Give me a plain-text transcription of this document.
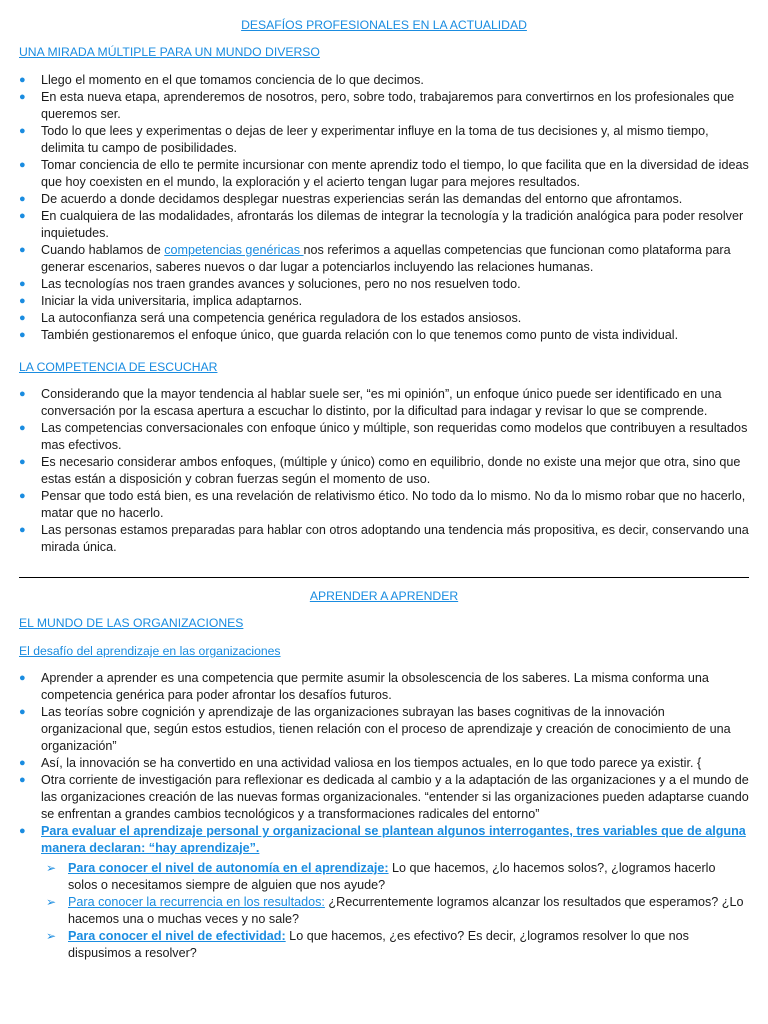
DESAFÍOS PROFESIONALES EN LA ACTUALIDAD
UNA MIRADA MÚLTIPLE PARA UN MUNDO DIVERSO
● Llego el momento en el que tomamos conciencia de lo que decimos.
● En esta nueva etapa, aprenderemos de nosotros, pero, sobre todo, trabajaremos para convertirnos en los profesionales que queremos ser.
● Todo lo que lees y experimentas o dejas de leer y experimentar influye en la toma de tus decisiones y, al mismo tiempo, delimita tu campo de posibilidades.
● Tomar conciencia de ello te permite incursionar con mente aprendiz todo el tiempo, lo que facilita que en la diversidad de ideas que hoy coexisten en el mundo, la exploración y el acierto tengan lugar para mejores resultados.
● De acuerdo a donde decidamos desplegar nuestras experiencias serán las demandas del entorno que afrontamos.
● En cualquiera de las modalidades, afrontarás los dilemas de integrar la tecnología y la tradición analógica para poder resolver inquietudes.
● Cuando hablamos de competencias genéricas nos referimos a aquellas competencias que funcionan como plataforma para generar escenarios, saberes nuevos o dar lugar a potenciarlos incluyendo las relaciones humanas.
● Las tecnologías nos traen grandes avances y soluciones, pero no nos resuelven todo.
● Iniciar la vida universitaria, implica adaptarnos.
● La autoconfianza será una competencia genérica reguladora de los estados ansiosos.
● También gestionaremos el enfoque único, que guarda relación con lo que tenemos como punto de vista individual.
LA COMPETENCIA DE ESCUCHAR
● Considerando que la mayor tendencia al hablar suele ser, “es mi opinión”, un enfoque único puede ser identificado en una conversación por la escasa apertura a escuchar lo distinto, por la dificultad para indagar y revisar lo que se comprende.
● Las competencias conversacionales con enfoque único y múltiple, son requeridas como modelos que contribuyen a resultados mas efectivos.
● Es necesario considerar ambos enfoques, (múltiple y único) como en equilibrio, donde no existe una mejor que otra, sino que estas están a disposición y cobran fuerzas según el momento de uso.
● Pensar que todo está bien, es una revelación de relativismo ético. No todo da lo mismo. No da lo mismo robar que no hacerlo, matar que no hacerlo.
● Las personas estamos preparadas para hablar con otros adoptando una tendencia más propositiva, es decir, conservando una mirada única.
APRENDER A APRENDER
EL MUNDO DE LAS ORGANIZACIONES
El desafío del aprendizaje en las organizaciones
● Aprender a aprender es una competencia que permite asumir la obsolescencia de los saberes. La misma conforma una competencia genérica para poder afrontar los desafíos futuros.
● Las teorías sobre cognición y aprendizaje de las organizaciones subrayan las bases cognitivas de la innovación organizacional que, según estos estudios, tienen relación con el proceso de aprendizaje y creación de conocimiento de una organización”
● Así, la innovación se ha convertido en una actividad valiosa en los tiempos actuales, en lo que todo parece ya existir. {
● Otra corriente de investigación para reflexionar es dedicada al cambio y a la adaptación de las organizaciones y a el mundo de las organizaciones creación de las nuevas formas organizacionales. “entender si las organizaciones pueden adaptarse cuando se enfrentan a grandes cambios tecnológicos y a transformaciones radicales del entorno”
● Para evaluar el aprendizaje personal y organizacional se plantean algunos interrogantes, tres variables que de alguna manera declaran: “hay aprendizaje”.
➢ Para conocer el nivel de autonomía en el aprendizaje: Lo que hacemos, ¿lo hacemos solos?, ¿logramos hacerlo solos o necesitamos siempre de alguien que nos ayude?
➢ Para conocer la recurrencia en los resultados: ¿Recurrentemente logramos alcanzar los resultados que esperamos? ¿Lo hacemos una o muchas veces y no sale?
➢ Para conocer el nivel de efectividad: Lo que hacemos, ¿es efectivo? Es decir, ¿logramos resolver lo que nos dispusimos a resolver?
